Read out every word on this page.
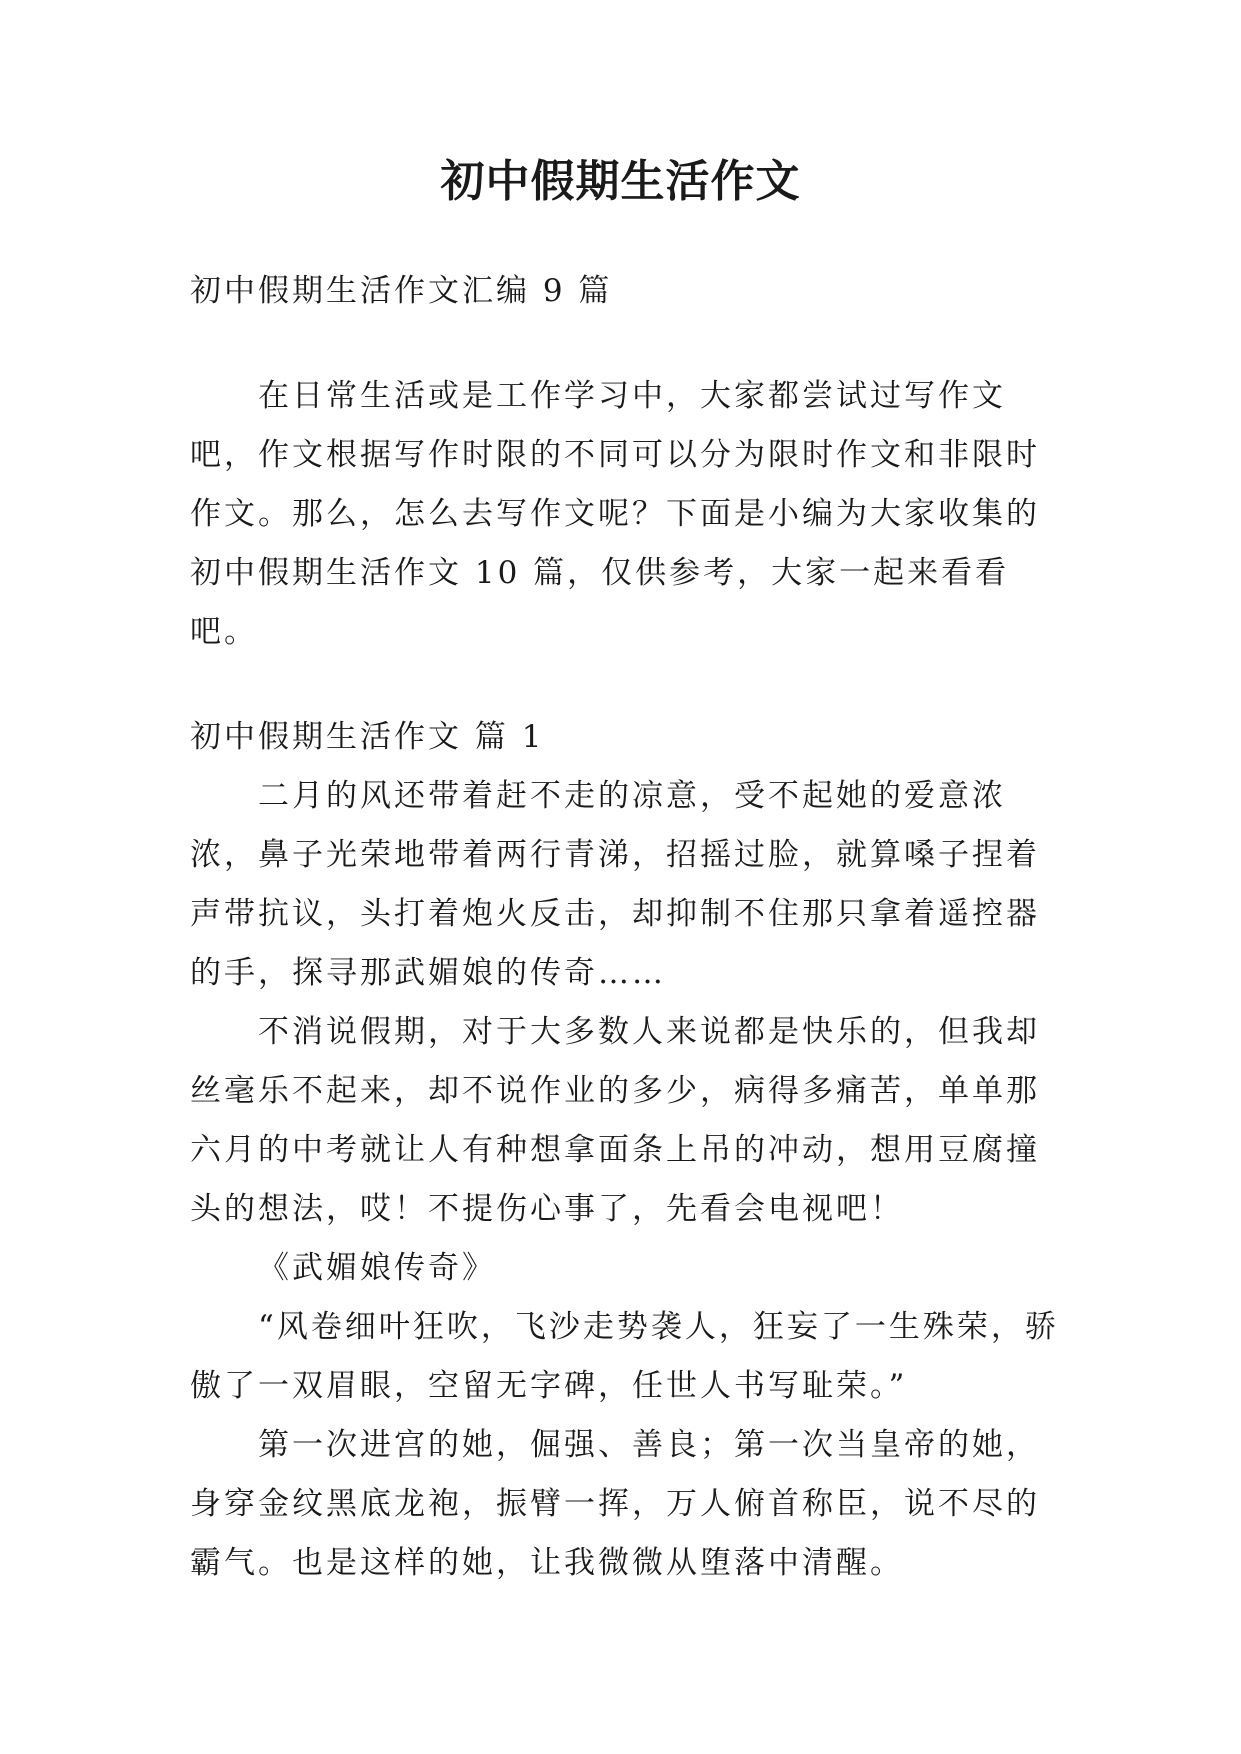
初中假期生活作文

初中假期生活作文汇编 9 篇

在日常生活或是工作学习中，大家都尝试过写作文吧，作文根据写作时限的不同可以分为限时作文和非限时作文。那么，怎么去写作文呢？下面是小编为大家收集的初中假期生活作文 10 篇，仅供参考，大家一起来看看吧。

初中假期生活作文 篇 1

二月的风还带着赶不走的凉意，受不起她的爱意浓浓，鼻子光荣地带着两行青涕，招摇过脸，就算嗓子捏着声带抗议，头打着炮火反击，却抑制不住那只拿着遥控器的手，探寻那武媚娘的传奇……

不消说假期，对于大多数人来说都是快乐的，但我却丝毫乐不起来，却不说作业的多少，病得多痛苦，单单那六月的中考就让人有种想拿面条上吊的冲动，想用豆腐撞头的想法，哎！不提伤心事了，先看会电视吧！

《武媚娘传奇》

“风卷细叶狂吹，飞沙走势袭人，狂妄了一生殊荣，骄傲了一双眉眼，空留无字碑，任世人书写耻荣。”

第一次进宫的她，倔强、善良；第一次当皇帝的她，身穿金纹黑底龙袍，振臂一挥，万人俯首称臣，说不尽的霸气。也是这样的她，让我微微从堕落中清醒。
